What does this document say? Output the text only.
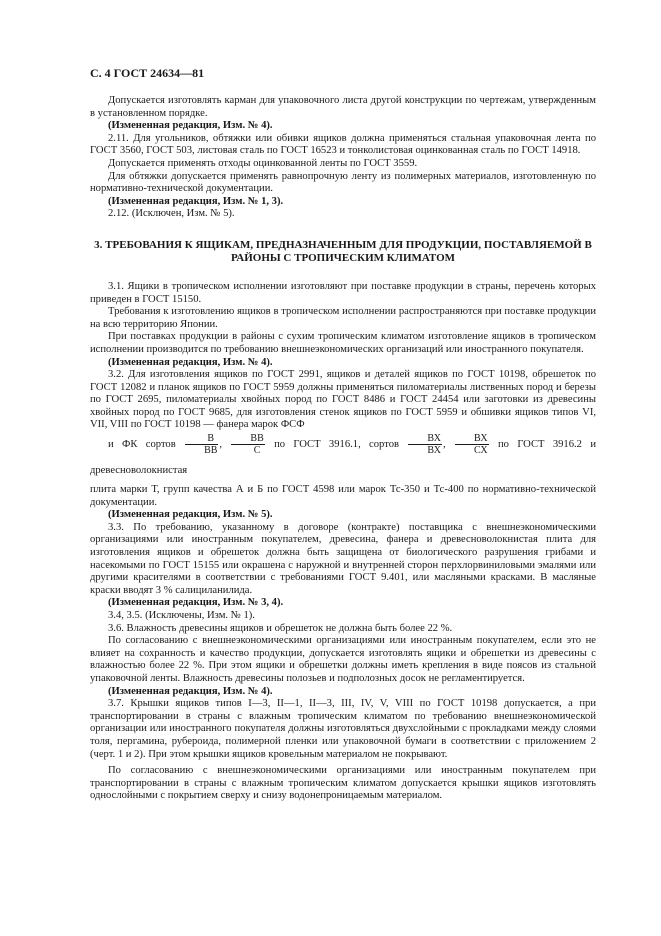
С. 4 ГОСТ 24634—81

Допускается изготовлять карман для упаковочного листа другой конструкции по чертежам, утвержденным в установленном порядке.

(Измененная редакция, Изм. № 4).

2.11. Для угольников, обтяжки или обивки ящиков должна применяться стальная упаковочная лента по ГОСТ 3560, ГОСТ 503, листовая сталь по ГОСТ 16523 и тонколистовая оцинкованная сталь по ГОСТ 14918.

Допускается применять отходы оцинкованной ленты по ГОСТ 3559.

Для обтяжки допускается применять равнопрочную ленту из полимерных материалов, изготовленную по нормативно-технической документации.

(Измененная редакция, Изм. № 1, 3).

2.12. (Исключен, Изм. № 5).

3. ТРЕБОВАНИЯ К ЯЩИКАМ, ПРЕДНАЗНАЧЕННЫМ ДЛЯ ПРОДУКЦИИ, ПОСТАВЛЯЕМОЙ В РАЙОНЫ С ТРОПИЧЕСКИМ КЛИМАТОМ

3.1. Ящики в тропическом исполнении изготовляют при поставке продукции в страны, перечень которых приведен в ГОСТ 15150.

Требования к изготовлению ящиков в тропическом исполнении распространяются при поставке продукции на всю территорию Японии.

При поставках продукции в районы с сухим тропическим климатом изготовление ящиков в тропическом исполнении производится по требованию внешнеэкономических организаций или иностранного покупателя.

(Измененная редакция, Изм. № 4).

3.2. Для изготовления ящиков по ГОСТ 2991, ящиков и деталей ящиков по ГОСТ 10198, обрешеток по ГОСТ 12082 и планок ящиков по ГОСТ 5959 должны применяться пиломатериалы лиственных пород и березы по ГОСТ 2695, пиломатериалы хвойных пород по ГОСТ 8486 и ГОСТ 24454 или заготовки из древесины хвойных пород по ГОСТ 9685, для изготовления стенок ящиков по ГОСТ 5959 и обшивки ящиков типов VI, VII, VIII по ГОСТ 10198 — фанера марок ФСФ

и ФК сортов $\frac{В}{ВВ}$ , $\frac{ВВ}{С}$ по ГОСТ 3916.1, сортов $\frac{ВХ}{ВХ}$ , $\frac{ВХ}{СХ}$ по ГОСТ 3916.2 и древесноволокнистая

плита марки Т, групп качества А и Б по ГОСТ 4598 или марок Тс-350 и Тс-400 по нормативно-технической документации.

(Измененная редакция, Изм. № 5).

3.3. По требованию, указанному в договоре (контракте) поставщика с внешнеэкономическими организациями или иностранным покупателем, древесина, фанера и древесноволокнистая плита для изготовления ящиков и обрешеток должна быть защищена от биологического разрушения грибами и насекомыми по ГОСТ 15155 или окрашена с наружной и внутренней сторон перхлорвиниловыми эмалями или другими красителями в соответствии с требованиями ГОСТ 9.401, или масляными красками. В масляные краски вводят 3 % салициланилида.

(Измененная редакция, Изм. № 3, 4).

3.4, 3.5. (Исключены, Изм. № 1).

3.6. Влажность древесины ящиков и обрешеток не должна быть более 22 %.

По согласованию с внешнеэкономическими организациями или иностранным покупателем, если это не влияет на сохранность и качество продукции, допускается изготовлять ящики и обрешетки из древесины с влажностью более 22 %. При этом ящики и обрешетки должны иметь крепления в виде поясов из стальной упаковочной ленты. Влажность древесины полозьев и подполозных досок не регламентируется.

(Измененная редакция, Изм. № 4).

3.7. Крышки ящиков типов I—3, II—1, II—3, III, IV, V, VIII по ГОСТ 10198 допускается, а при транспортировании в страны с влажным тропическим климатом по требованию внешнеэкономической организации или иностранного покупателя должны изготовляться двухслойными с прокладками между слоями толя, пергамина, рубероида, полимерной пленки или упаковочной бумаги в соответствии с приложением 2 (черт. 1 и 2). При этом крышки ящиков кровельным материалом не покрывают.

По согласованию с внешнеэкономическими организациями или иностранным покупателем при транспортировании в страны с влажным тропическим климатом допускается крышки ящиков изготовлять однослойными с покрытием сверху и снизу водонепроницаемым материалом.
